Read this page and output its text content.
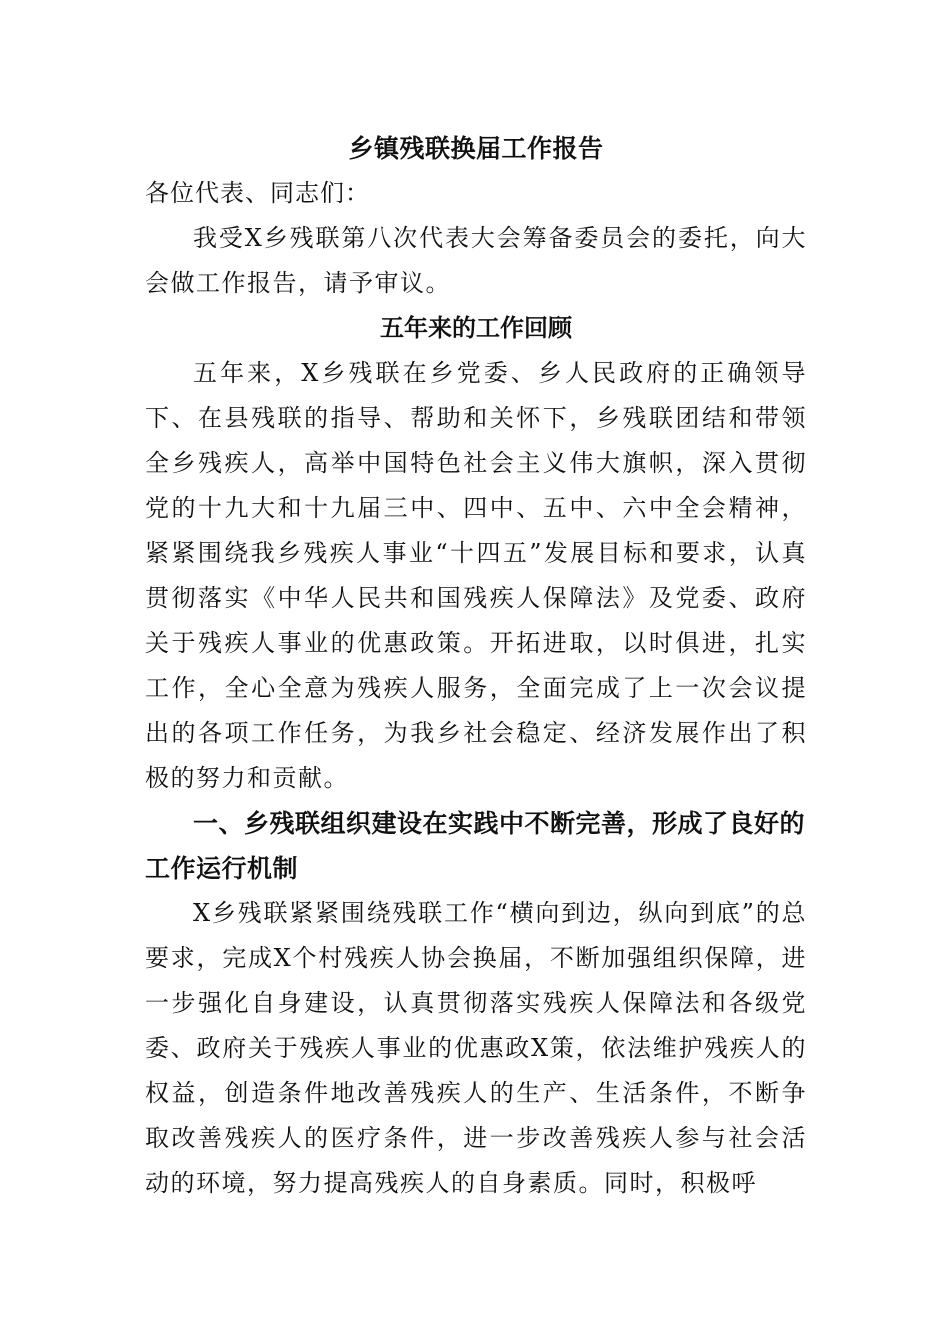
乡镇残联换届工作报告

各位代表、同志们：

我受X乡残联第八次代表大会筹备委员会的委托，向大会做工作报告，请予审议。

五年来的工作回顾

五年来，X乡残联在乡党委、乡人民政府的正确领导下、在县残联的指导、帮助和关怀下，乡残联团结和带领全乡残疾人，高举中国特色社会主义伟大旗帜，深入贯彻党的十九大和十九届三中、四中、五中、六中全会精神，紧紧围绕我乡残疾人事业“十四五”发展目标和要求，认真贯彻落实《中华人民共和国残疾人保障法》及党委、政府关于残疾人事业的优惠政策。开拓进取，以时俱进，扎实工作，全心全意为残疾人服务，全面完成了上一次会议提出的各项工作任务，为我乡社会稳定、经济发展作出了积极的努力和贡献。

一、乡残联组织建设在实践中不断完善，形成了良好的工作运行机制

X乡残联紧紧围绕残联工作“横向到边，纵向到底”的总要求，完成X个村残疾人协会换届，不断加强组织保障，进一步强化自身建设，认真贯彻落实残疾人保障法和各级党委、政府关于残疾人事业的优惠政X策，依法维护残疾人的权益，创造条件地改善残疾人的生产、生活条件，不断争取改善残疾人的医疗条件，进一步改善残疾人参与社会活动的环境，努力提高残疾人的自身素质。同时，积极呼
